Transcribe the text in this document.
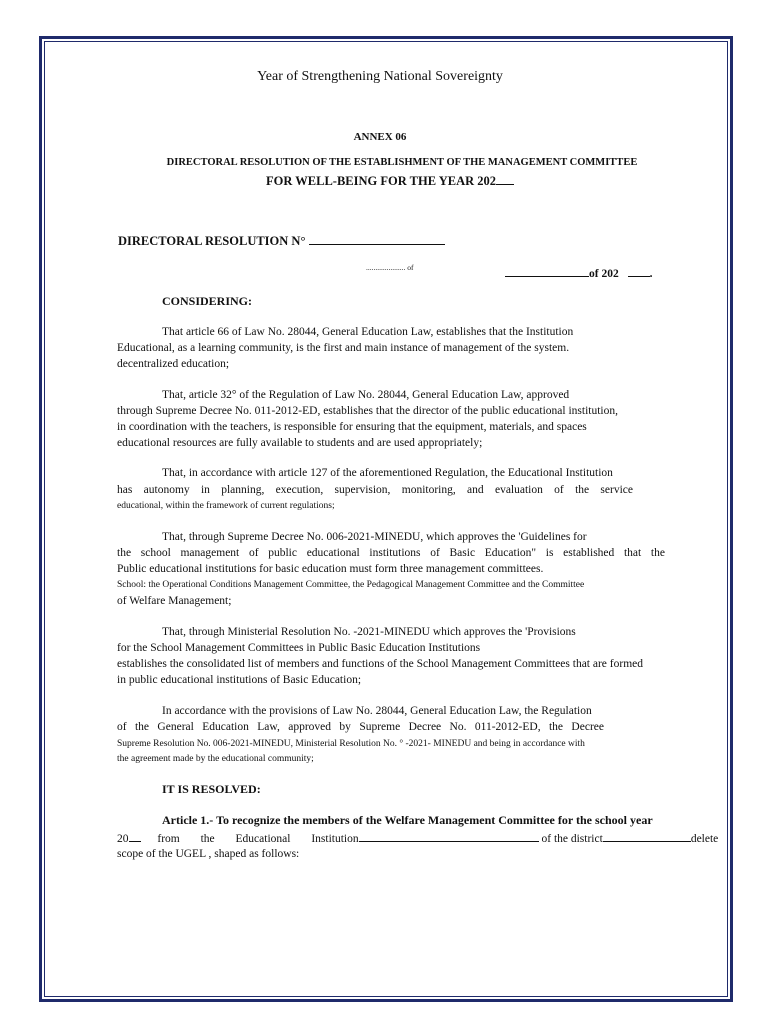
Year of Strengthening National Sovereignty
ANNEX 06
DIRECTORAL RESOLUTION OF THE ESTABLISHMENT OF THE MANAGEMENT COMMITTEE
FOR WELL-BEING FOR THE YEAR 202
DIRECTORAL RESOLUTION N°
..................... of
of 202	.
CONSIDERING:
That article 66 of Law No. 28044, General Education Law, establishes that the Institution
Educational, as a learning community, is the first and main instance of management of the system.
decentralized education;
That, article 32° of the Regulation of Law No. 28044, General Education Law, approved
through Supreme Decree No. 011-2012-ED, establishes that the director of the public educational institution,
in coordination with the teachers, is responsible for ensuring that the equipment, materials, and spaces
educational resources are fully available to students and are used appropriately;
That, in accordance with article 127 of the aforementioned Regulation, the Educational Institution
has autonomy in planning, execution, supervision, monitoring, and evaluation of the service
educational, within the framework of current regulations;
That, through Supreme Decree No. 006-2021-MINEDU, which approves the 'Guidelines for
the school management of public educational institutions of Basic Education" is established that the
Public educational institutions for basic education must form three management committees.
School: the Operational Conditions Management Committee, the Pedagogical Management Committee and the Committee
of Welfare Management;
That, through Ministerial Resolution No. -2021-MINEDU which approves the 'Provisions
for the School Management Committees in Public Basic Education Institutions
establishes the consolidated list of members and functions of the School Management Committees that are formed
in public educational institutions of Basic Education;
In accordance with the provisions of Law No. 28044, General Education Law, the Regulation
of the General Education Law, approved by Supreme Decree No. 011-2012-ED, the Decree
Supreme Resolution No. 006-2021-MINEDU, Ministerial Resolution No. ° -2021- MINEDU and being in accordance with
the agreement made by the educational community;
IT IS RESOLVED:
Article 1.- To recognize the members of the Welfare Management Committee for the school year
20	from the Educational Institution	of the district	delete
scope of the UGEL , shaped as follows:
